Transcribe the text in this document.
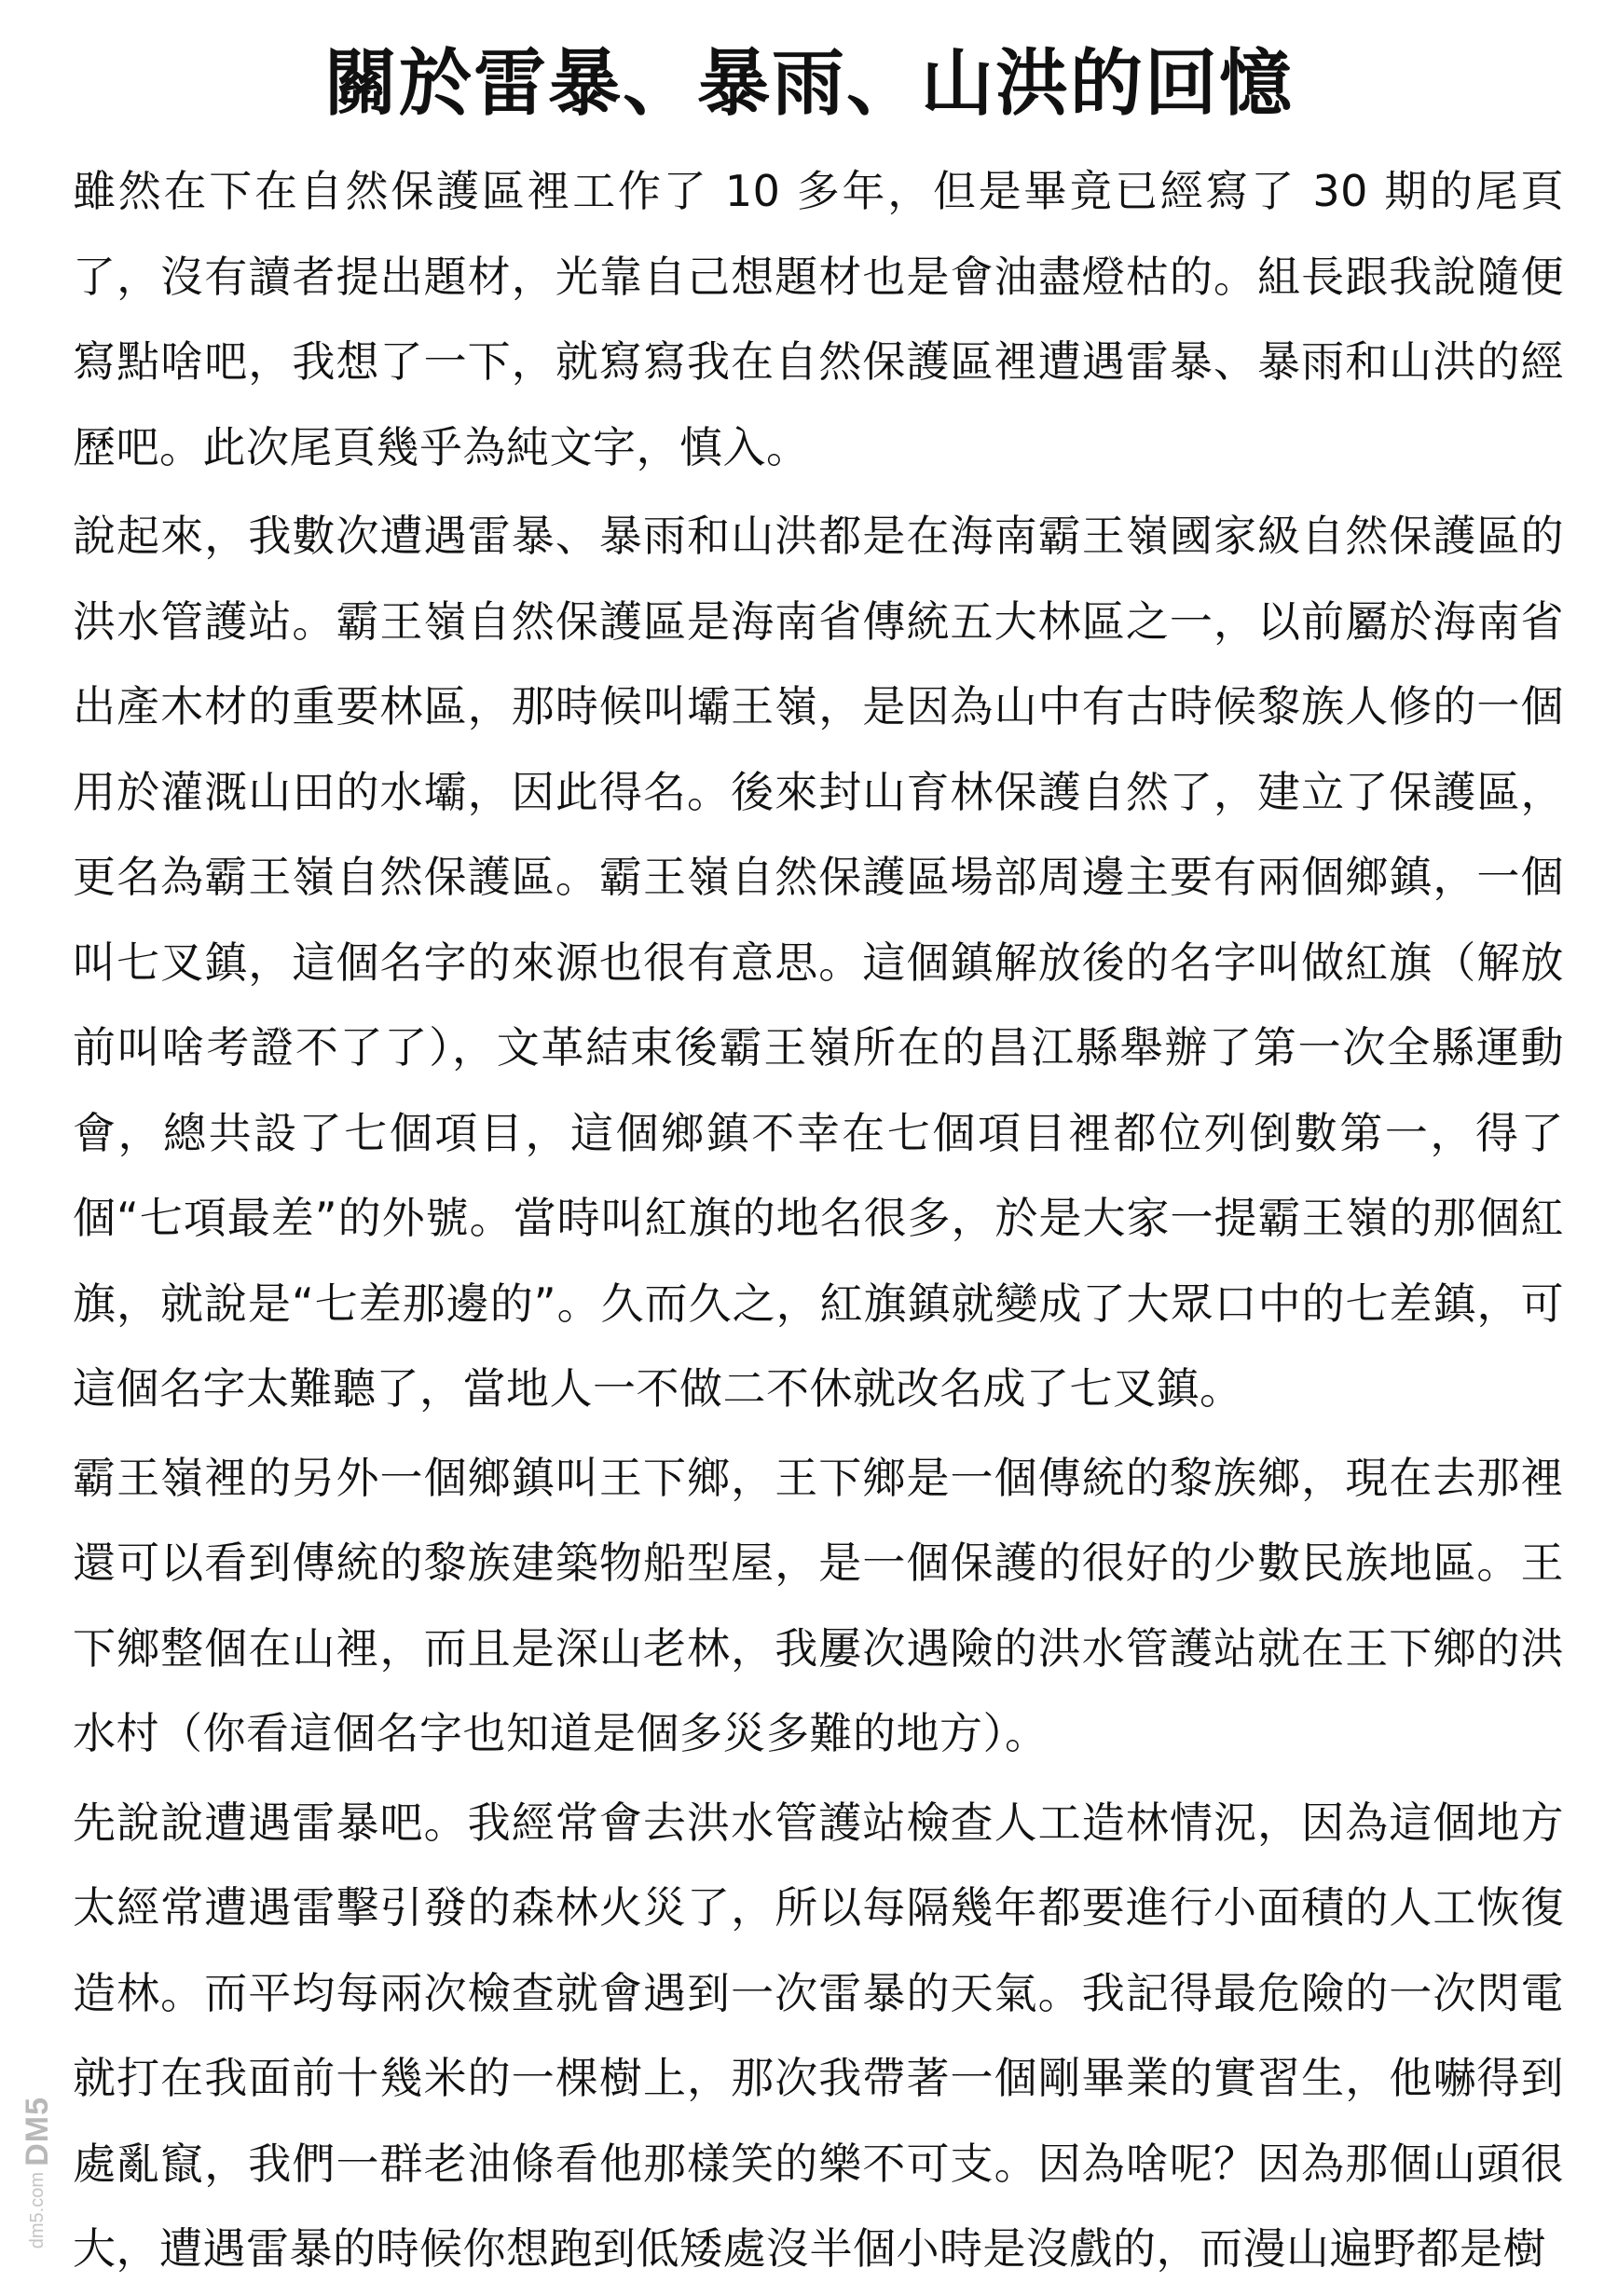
關於雷暴、暴雨、山洪的回憶

雖然在下在自然保護區裡工作了 10 多年，但是畢竟已經寫了 30 期的尾頁了，沒有讀者提出題材，光靠自己想題材也是會油盡燈枯的。組長跟我說隨便寫點啥吧，我想了一下，就寫寫我在自然保護區裡遭遇雷暴、暴雨和山洪的經歷吧。此次尾頁幾乎為純文字，慎入。

說起來，我數次遭遇雷暴、暴雨和山洪都是在海南霸王嶺國家級自然保護區的洪水管護站。霸王嶺自然保護區是海南省傳統五大林區之一，以前屬於海南省出產木材的重要林區，那時候叫壩王嶺，是因為山中有古時候黎族人修的一個用於灌溉山田的水壩，因此得名。後來封山育林保護自然了，建立了保護區，更名為霸王嶺自然保護區。霸王嶺自然保護區場部周邊主要有兩個鄉鎮，一個叫七叉鎮，這個名字的來源也很有意思。這個鎮解放後的名字叫做紅旗（解放前叫啥考證不了了），文革結束後霸王嶺所在的昌江縣舉辦了第一次全縣運動會，總共設了七個項目，這個鄉鎮不幸在七個項目裡都位列倒數第一，得了個“七項最差”的外號。當時叫紅旗的地名很多，於是大家一提霸王嶺的那個紅旗，就說是“七差那邊的”。久而久之，紅旗鎮就變成了大眾口中的七差鎮，可這個名字太難聽了，當地人一不做二不休就改名成了七叉鎮。

霸王嶺裡的另外一個鄉鎮叫王下鄉，王下鄉是一個傳統的黎族鄉，現在去那裡還可以看到傳統的黎族建築物船型屋，是一個保護的很好的少數民族地區。王下鄉整個在山裡，而且是深山老林，我屢次遇險的洪水管護站就在王下鄉的洪水村（你看這個名字也知道是個多災多難的地方）。

先說說遭遇雷暴吧。我經常會去洪水管護站檢查人工造林情況，因為這個地方太經常遭遇雷擊引發的森林火災了，所以每隔幾年都要進行小面積的人工恢復造林。而平均每兩次檢查就會遇到一次雷暴的天氣。我記得最危險的一次閃電就打在我面前十幾米的一棵樹上，那次我帶著一個剛畢業的實習生，他嚇得到處亂竄，我們一群老油條看他那樣笑的樂不可支。因為啥呢？因為那個山頭很大，遭遇雷暴的時候你想跑到低矮處沒半個小時是沒戲的，而漫山遍野都是樹

DM5
dm5.com
